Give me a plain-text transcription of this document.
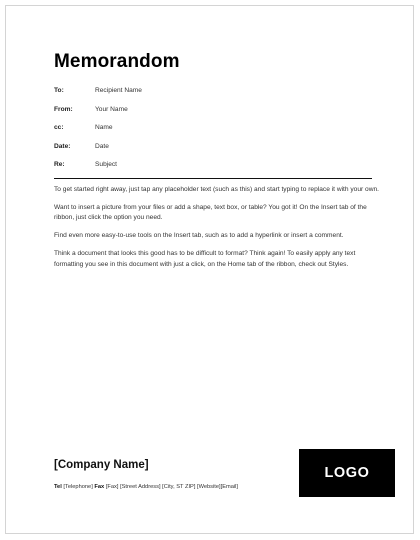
Memorandom
To:	Recipient Name
From:	Your Name
cc:	Name
Date:	Date
Re:	Subject

To get started right away, just tap any placeholder text (such as this) and start typing to replace it with your own.

Want to insert a picture from your files or add a shape, text box, or table? You got it! On the Insert tab of the ribbon, just click the option you need.

Find even more easy-to-use tools on the Insert tab, such as to add a hyperlink or insert a comment.

Think a document that looks this good has to be difficult to format? Think again! To easily apply any text formatting you see in this document with just a click, on the Home tab of the ribbon, check out Styles.

[Company Name]
Tel [Telephone] Fax [Fax] [Street Address] [City, ST ZIP] [Website][Email]
LOGO
